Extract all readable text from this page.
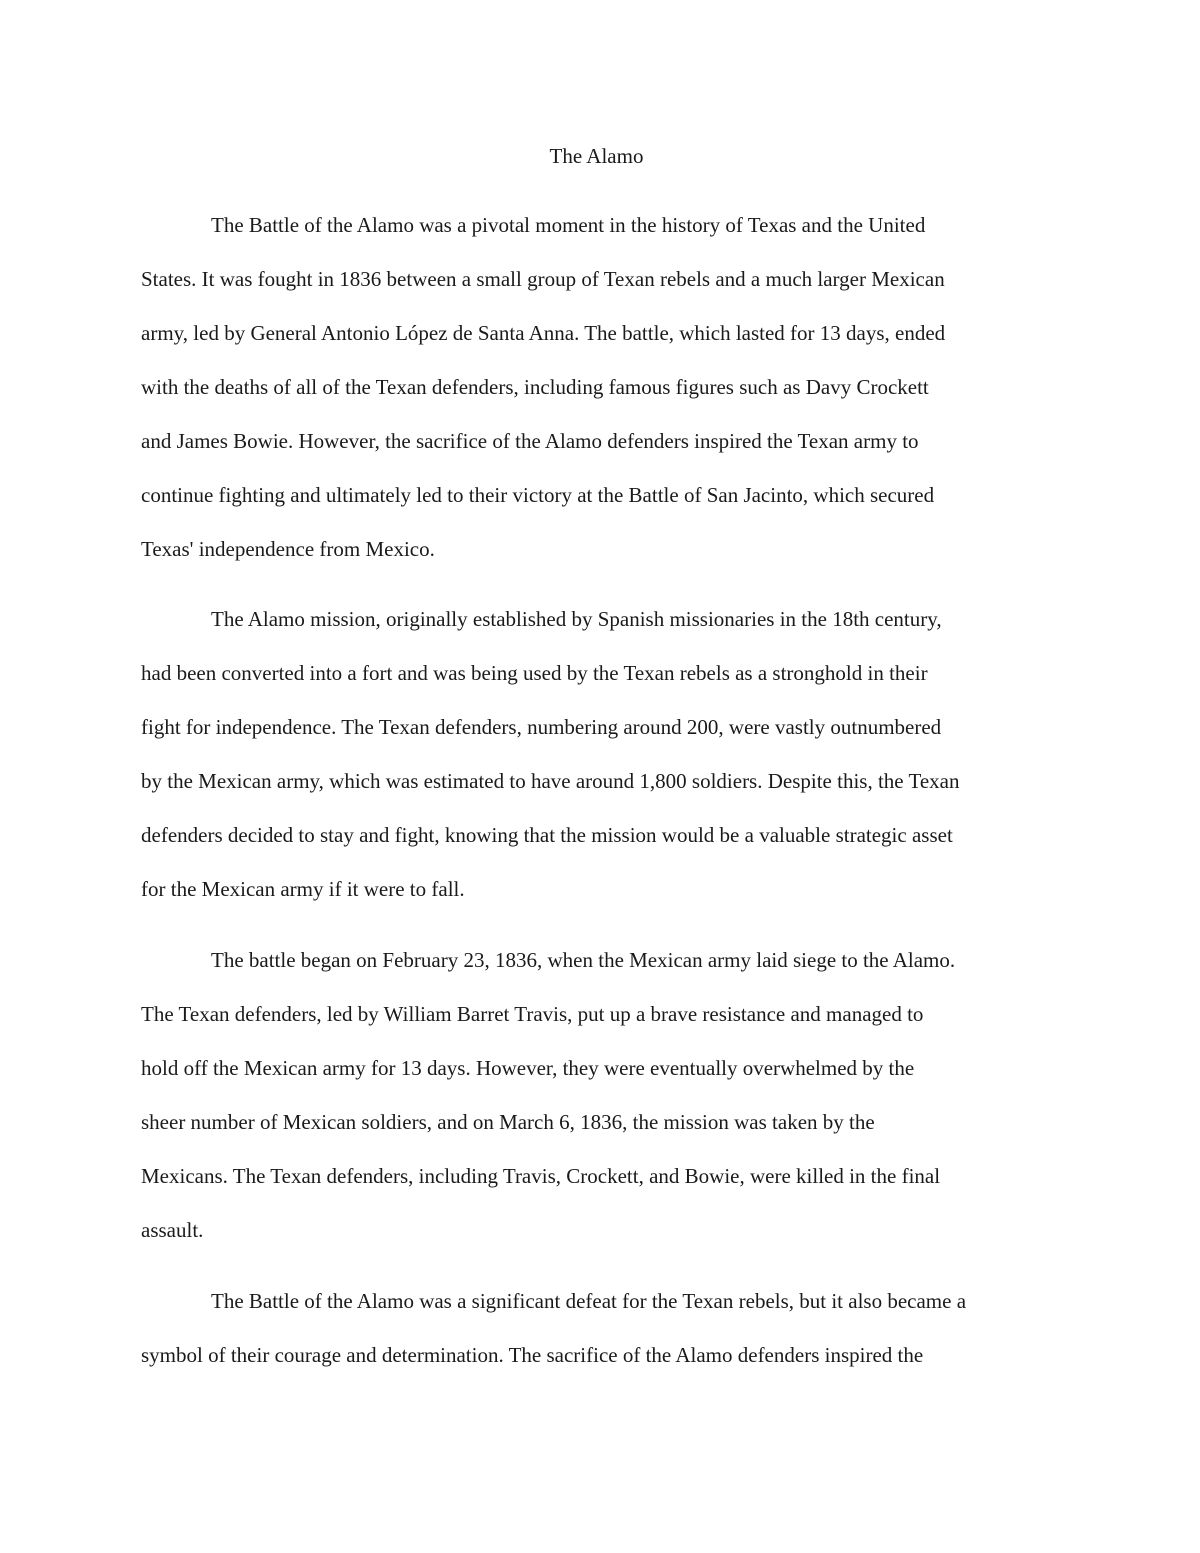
The Alamo
The Battle of the Alamo was a pivotal moment in the history of Texas and the United
States. It was fought in 1836 between a small group of Texan rebels and a much larger Mexican
army, led by General Antonio López de Santa Anna. The battle, which lasted for 13 days, ended
with the deaths of all of the Texan defenders, including famous figures such as Davy Crockett
and James Bowie. However, the sacrifice of the Alamo defenders inspired the Texan army to
continue fighting and ultimately led to their victory at the Battle of San Jacinto, which secured
Texas' independence from Mexico.
The Alamo mission, originally established by Spanish missionaries in the 18th century,
had been converted into a fort and was being used by the Texan rebels as a stronghold in their
fight for independence. The Texan defenders, numbering around 200, were vastly outnumbered
by the Mexican army, which was estimated to have around 1,800 soldiers. Despite this, the Texan
defenders decided to stay and fight, knowing that the mission would be a valuable strategic asset
for the Mexican army if it were to fall.
The battle began on February 23, 1836, when the Mexican army laid siege to the Alamo.
The Texan defenders, led by William Barret Travis, put up a brave resistance and managed to
hold off the Mexican army for 13 days. However, they were eventually overwhelmed by the
sheer number of Mexican soldiers, and on March 6, 1836, the mission was taken by the
Mexicans. The Texan defenders, including Travis, Crockett, and Bowie, were killed in the final
assault.
The Battle of the Alamo was a significant defeat for the Texan rebels, but it also became a
symbol of their courage and determination. The sacrifice of the Alamo defenders inspired the
